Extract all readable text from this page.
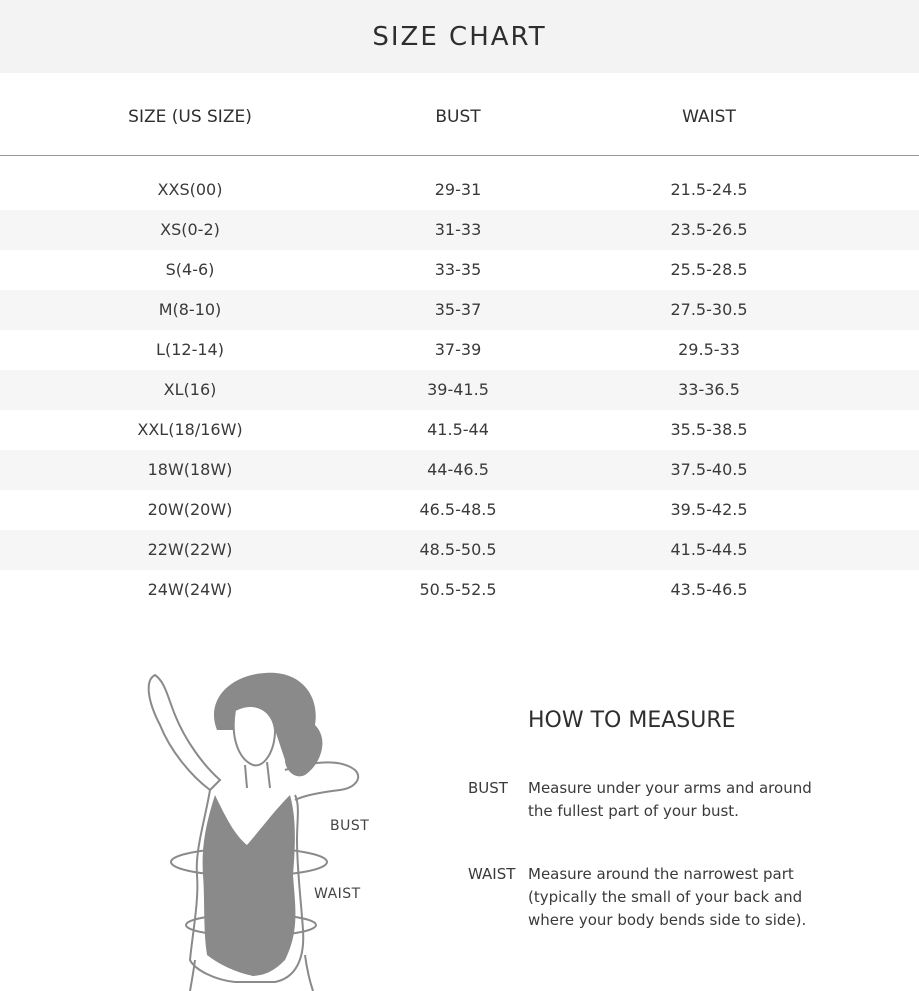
SIZE CHART
SIZE (US SIZE)	BUST	WAIST
XXS(00)	29-31	21.5-24.5
XS(0-2)	31-33	23.5-26.5
S(4-6)	33-35	25.5-28.5
M(8-10)	35-37	27.5-30.5
L(12-14)	37-39	29.5-33
XL(16)	39-41.5	33-36.5
XXL(18/16W)	41.5-44	35.5-38.5
18W(18W)	44-46.5	37.5-40.5
20W(20W)	46.5-48.5	39.5-42.5
22W(22W)	48.5-50.5	41.5-44.5
24W(24W)	50.5-52.5	43.5-46.5
BUST
WAIST
HOW TO MEASURE
BUST Measure under your arms and around
the fullest part of your bust.
WAIST Measure around the narrowest part
(typically the small of your back and
where your body bends side to side).
